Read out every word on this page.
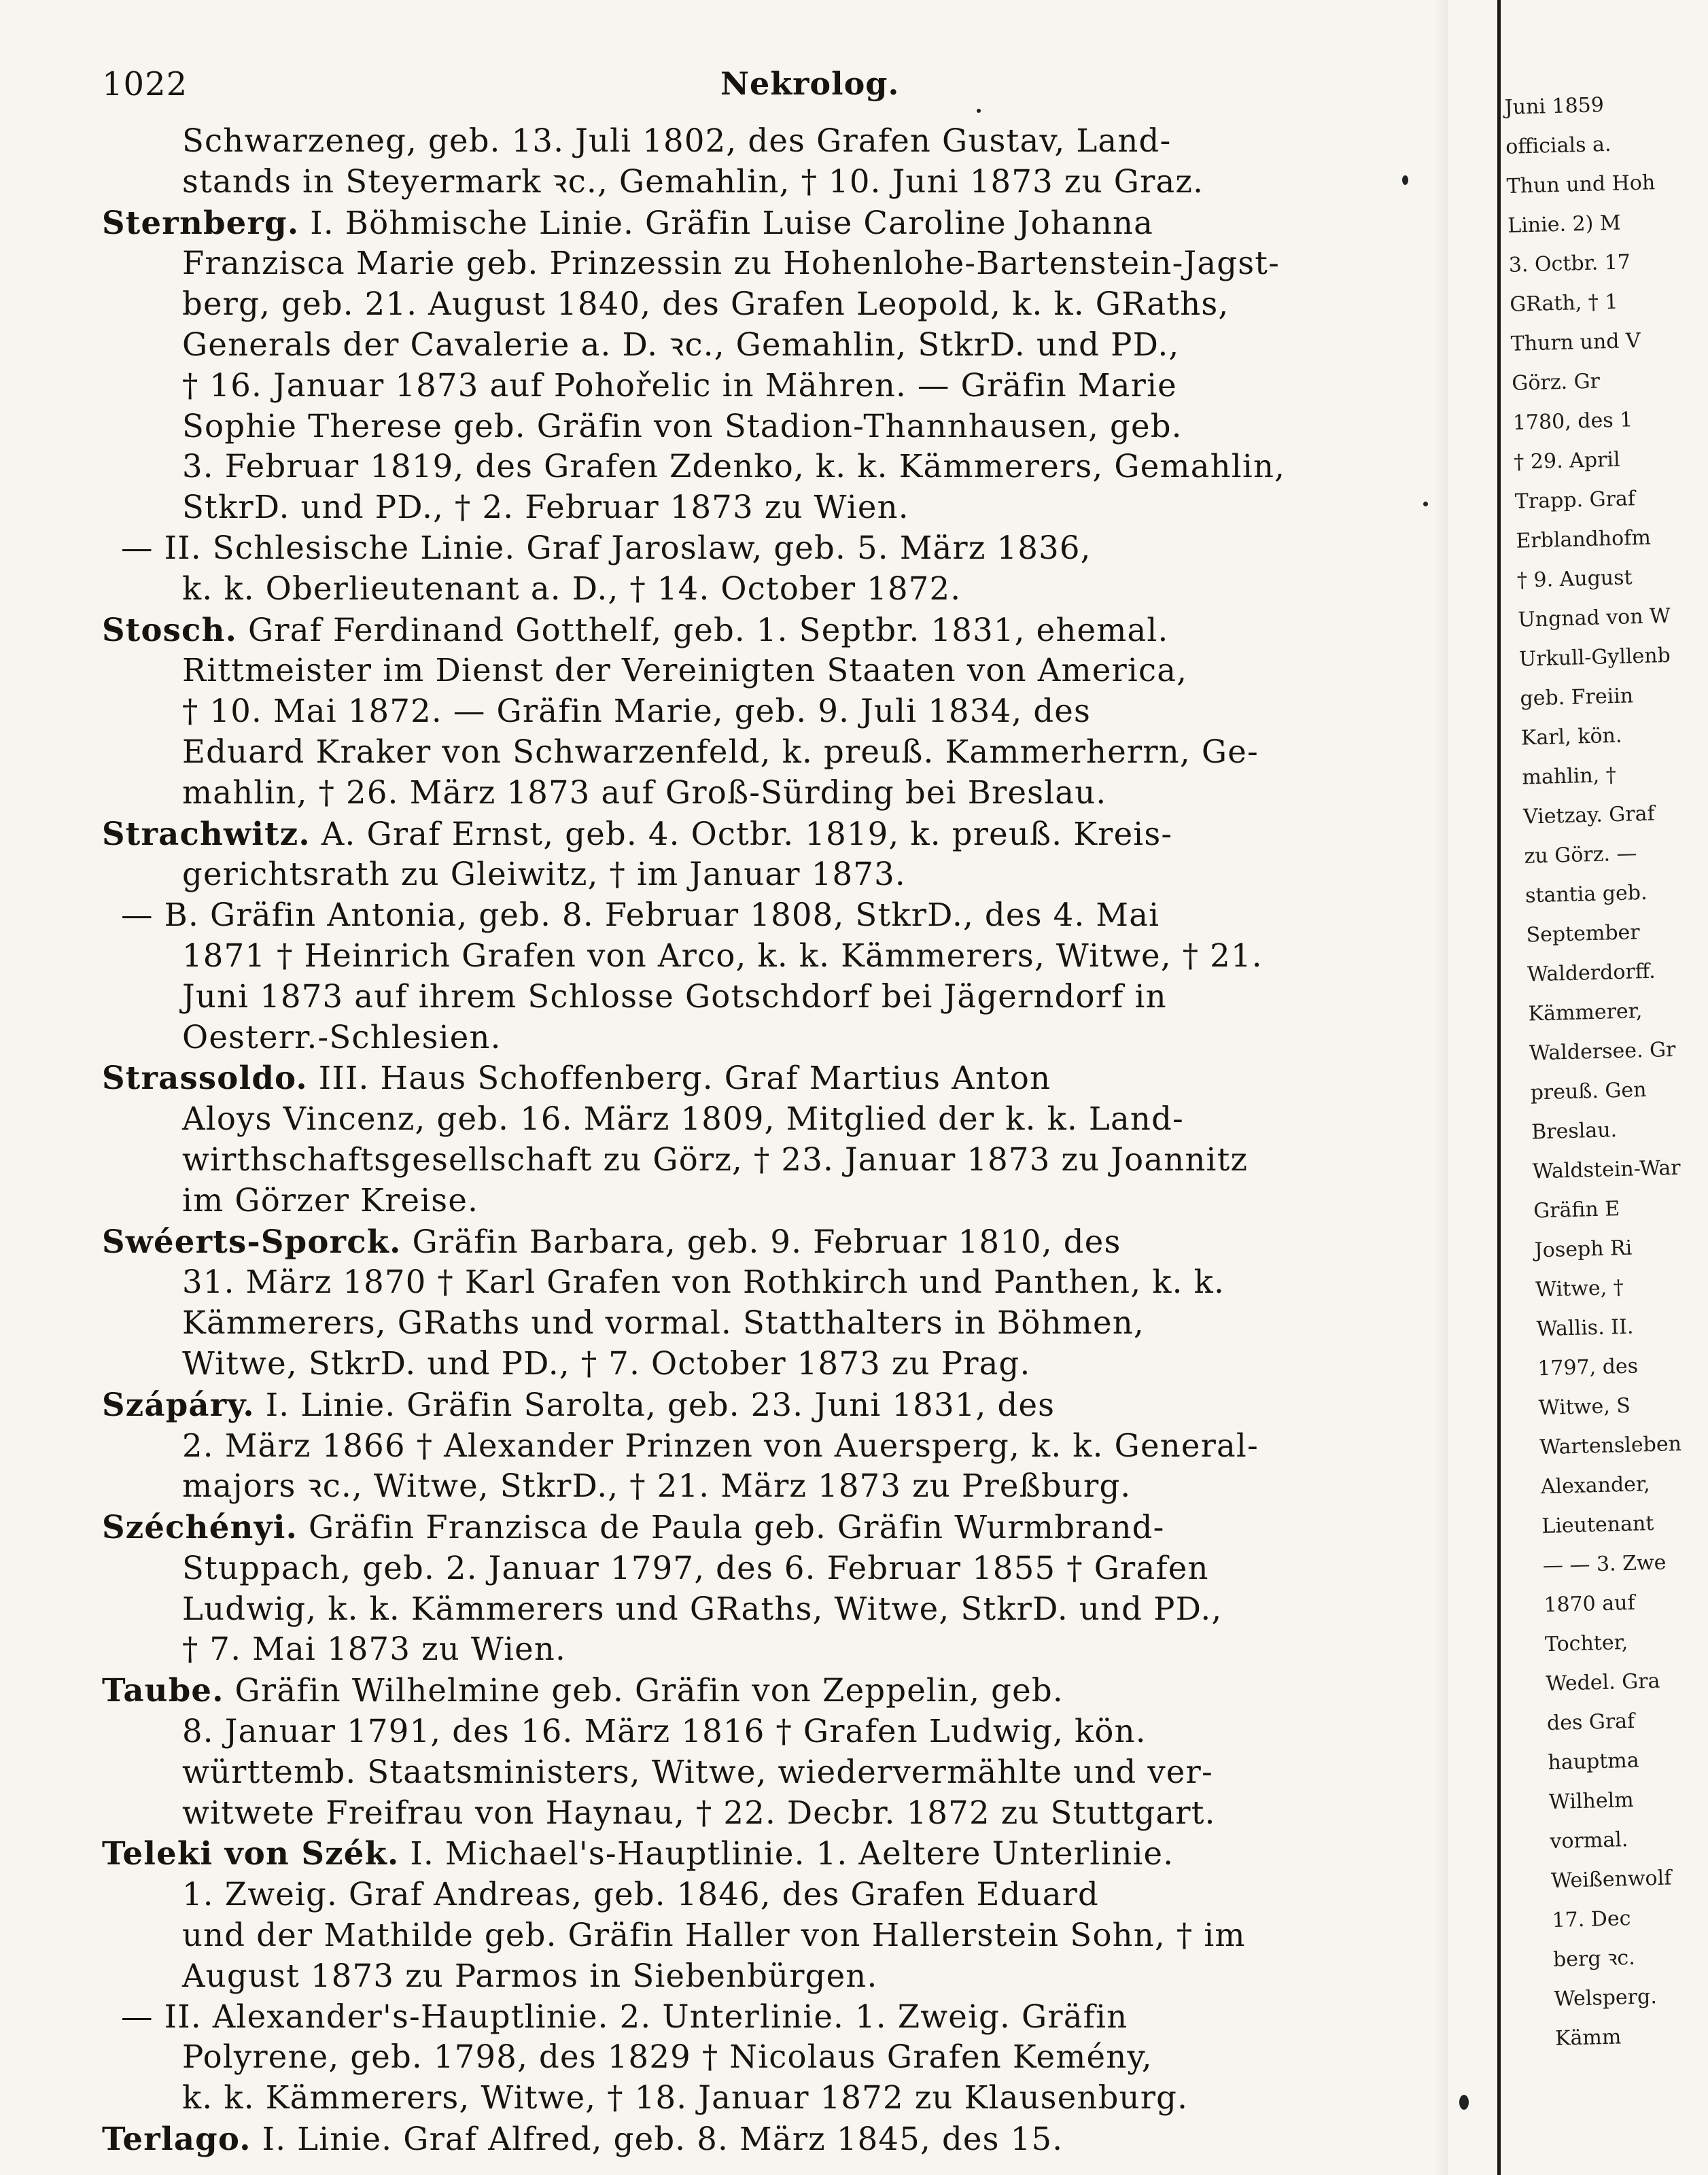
1022	Nekrolog.
Schwarzeneg, geb. 13. Juli 1802, des Grafen Gustav, Land-
stands in Steyermark ꝛc., Gemahlin, † 10. Juni 1873 zu Graz.
Sternberg. I. Böhmische Linie. Gräfin Luise Caroline Johanna
Franzisca Marie geb. Prinzessin zu Hohenlohe-Bartenstein-Jagst-
berg, geb. 21. August 1840, des Grafen Leopold, k. k. GRaths,
Generals der Cavalerie a. D. ꝛc., Gemahlin, StkrD. und PD.,
† 16. Januar 1873 auf Pohořelic in Mähren. — Gräfin Marie
Sophie Therese geb. Gräfin von Stadion-Thannhausen, geb.
3. Februar 1819, des Grafen Zdenko, k. k. Kämmerers, Gemahlin,
StkrD. und PD., † 2. Februar 1873 zu Wien.
— II. Schlesische Linie. Graf Jaroslaw, geb. 5. März 1836,
k. k. Oberlieutenant a. D., † 14. October 1872.
Stosch. Graf Ferdinand Gotthelf, geb. 1. Septbr. 1831, ehemal.
Rittmeister im Dienst der Vereinigten Staaten von America,
† 10. Mai 1872. — Gräfin Marie, geb. 9. Juli 1834, des
Eduard Kraker von Schwarzenfeld, k. preuß. Kammerherrn, Ge-
mahlin, † 26. März 1873 auf Groß-Sürding bei Breslau.
Strachwitz. A. Graf Ernst, geb. 4. Octbr. 1819, k. preuß. Kreis-
gerichtsrath zu Gleiwitz, † im Januar 1873.
— B. Gräfin Antonia, geb. 8. Februar 1808, StkrD., des 4. Mai
1871 † Heinrich Grafen von Arco, k. k. Kämmerers, Witwe, † 21.
Juni 1873 auf ihrem Schlosse Gotschdorf bei Jägerndorf in
Oesterr.-Schlesien.
Strassoldo. III. Haus Schoffenberg. Graf Martius Anton
Aloys Vincenz, geb. 16. März 1809, Mitglied der k. k. Land-
wirthschaftsgesellschaft zu Görz, † 23. Januar 1873 zu Joannitz
im Görzer Kreise.
Swéerts-Sporck. Gräfin Barbara, geb. 9. Februar 1810, des
31. März 1870 † Karl Grafen von Rothkirch und Panthen, k. k.
Kämmerers, GRaths und vormal. Statthalters in Böhmen,
Witwe, StkrD. und PD., † 7. October 1873 zu Prag.
Szápáry. I. Linie. Gräfin Sarolta, geb. 23. Juni 1831, des
2. März 1866 † Alexander Prinzen von Auersperg, k. k. General-
majors ꝛc., Witwe, StkrD., † 21. März 1873 zu Preßburg.
Széchényi. Gräfin Franzisca de Paula geb. Gräfin Wurmbrand-
Stuppach, geb. 2. Januar 1797, des 6. Februar 1855 † Grafen
Ludwig, k. k. Kämmerers und GRaths, Witwe, StkrD. und PD.,
† 7. Mai 1873 zu Wien.
Taube. Gräfin Wilhelmine geb. Gräfin von Zeppelin, geb.
8. Januar 1791, des 16. März 1816 † Grafen Ludwig, kön.
württemb. Staatsministers, Witwe, wiedervermählte und ver-
witwete Freifrau von Haynau, † 22. Decbr. 1872 zu Stuttgart.
Teleki von Szék. I. Michael's-Hauptlinie. 1. Aeltere Unterlinie.
1. Zweig. Graf Andreas, geb. 1846, des Grafen Eduard
und der Mathilde geb. Gräfin Haller von Hallerstein Sohn, † im
August 1873 zu Parmos in Siebenbürgen.
— II. Alexander's-Hauptlinie. 2. Unterlinie. 1. Zweig. Gräfin
Polyrene, geb. 1798, des 1829 † Nicolaus Grafen Kemény,
k. k. Kämmerers, Witwe, † 18. Januar 1872 zu Klausenburg.
Terlago. I. Linie. Graf Alfred, geb. 8. März 1845, des 15.
Juni 1859
officials a.
Thun und Hoh
Linie. 2) M
3. Octbr. 17
GRath, † 1
Thurn und V
Görz. Gr
1780, des 1
† 29. April
Trapp. Graf
Erblandhofm
† 9. August
Ungnad von W
Urkull-Gyllenb
geb. Freiin
Karl, kön.
mahlin, †
Vietzay. Graf
zu Görz. —
stantia geb.
September
Walderdorff.
Kämmerer,
Waldersee. Gr
preuß. Gen
Breslau.
Waldstein-War
Gräfin E
Joseph Ri
Witwe, †
Wallis. II.
1797, des
Witwe, S
Wartensleben
Alexander,
Lieutenant
— — 3. Zwe
1870 auf
Tochter,
Wedel. Gra
des Graf
hauptma
Wilhelm
vormal.
Weißenwolf
17. Dec
berg ꝛc.
Welsperg.
Kämm
